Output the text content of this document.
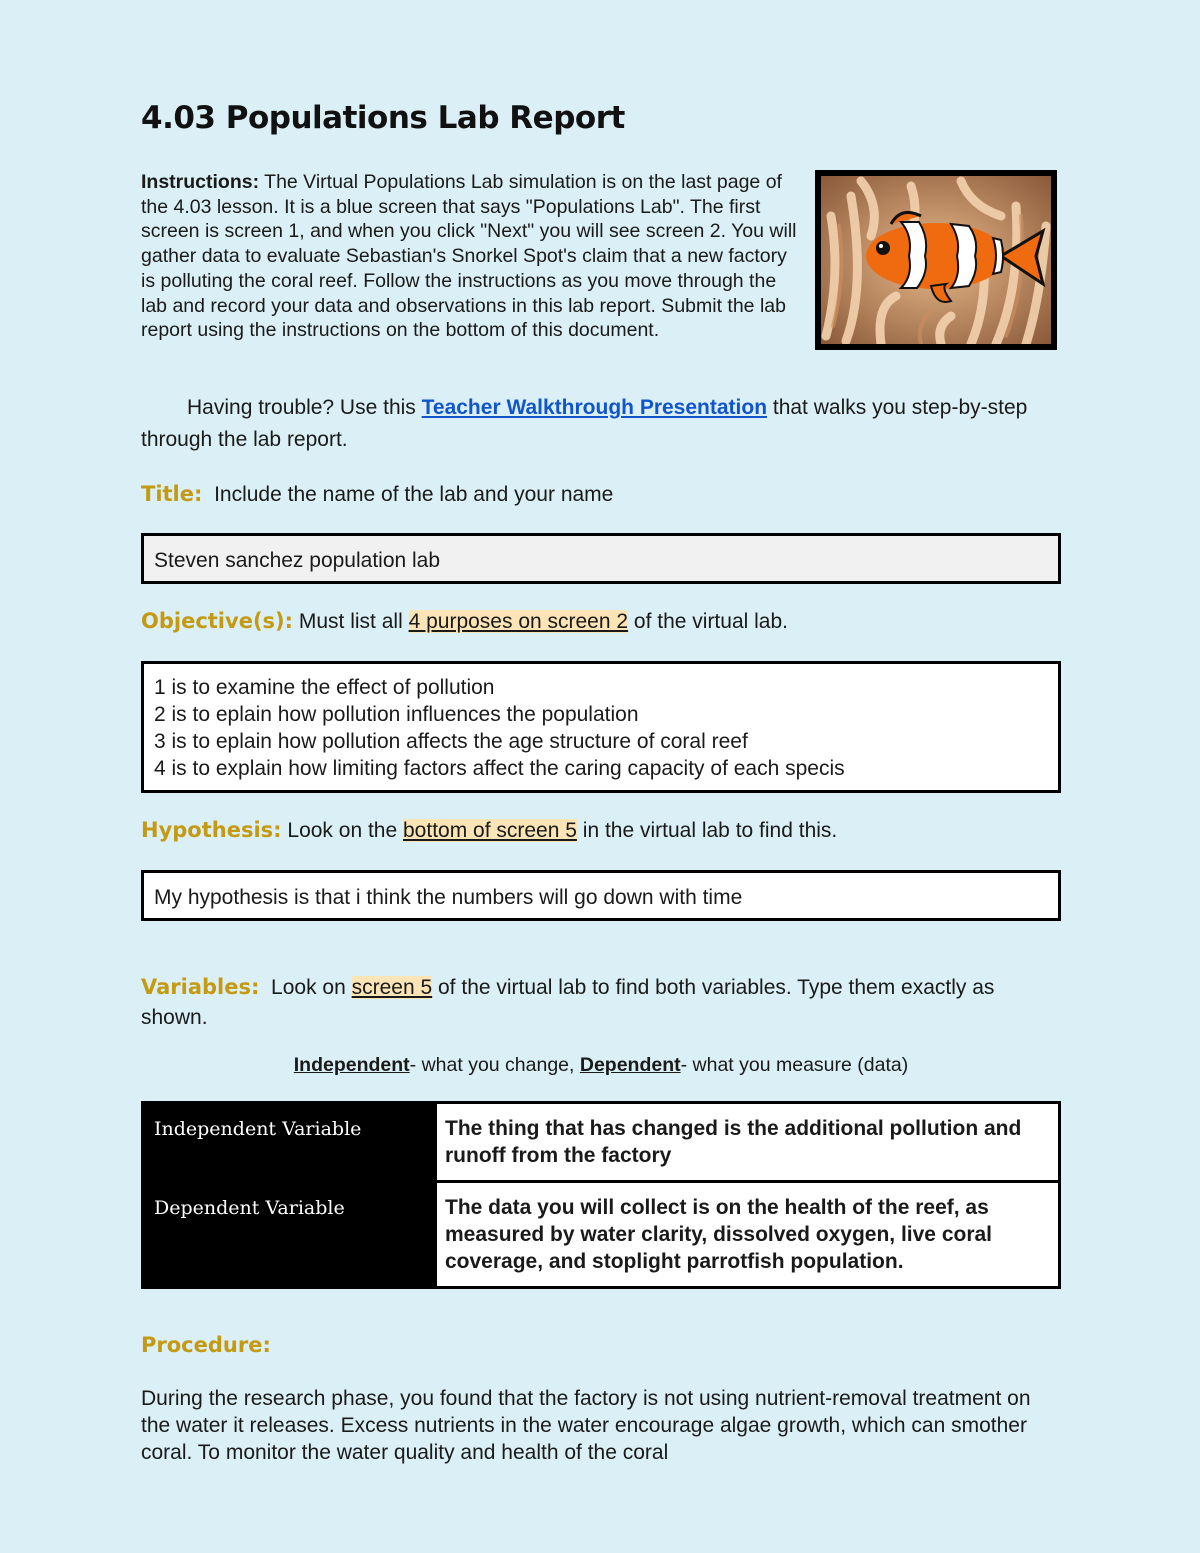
4.03 Populations Lab Report
Instructions: The Virtual Populations Lab simulation is on the last page of the 4.03 lesson. It is a blue screen that says "Populations Lab". The first screen is screen 1, and when you click "Next" you will see screen 2. You will gather data to evaluate Sebastian's Snorkel Spot's claim that a new factory is polluting the coral reef. Follow the instructions as you move through the lab and record your data and observations in this lab report. Submit the lab report using the instructions on the bottom of this document.
Having trouble? Use this Teacher Walkthrough Presentation that walks you step-by-step through the lab report.
Title: Include the name of the lab and your name
Steven sanchez population lab
Objective(s): Must list all 4 purposes on screen 2 of the virtual lab.
1 is to examine the effect of pollution
2 is to eplain how pollution influences the population
3 is to eplain how pollution affects the age structure of coral reef
4 is to explain how limiting factors affect the caring capacity of each specis
Hypothesis: Look on the bottom of screen 5 in the virtual lab to find this.
My hypothesis is that i think the numbers will go down with time
Variables:  Look on screen 5 of the virtual lab to find both variables. Type them exactly as shown.
Independent- what you change, Dependent- what you measure (data)
Independent Variable	The thing that has changed is the additional pollution and runoff from the factory
Dependent Variable	The data you will collect is on the health of the reef, as measured by water clarity, dissolved oxygen, live coral coverage, and stoplight parrotfish population.
Procedure:
During the research phase, you found that the factory is not using nutrient-removal treatment on the water it releases. Excess nutrients in the water encourage algae growth, which can smother coral. To monitor the water quality and health of the coral
